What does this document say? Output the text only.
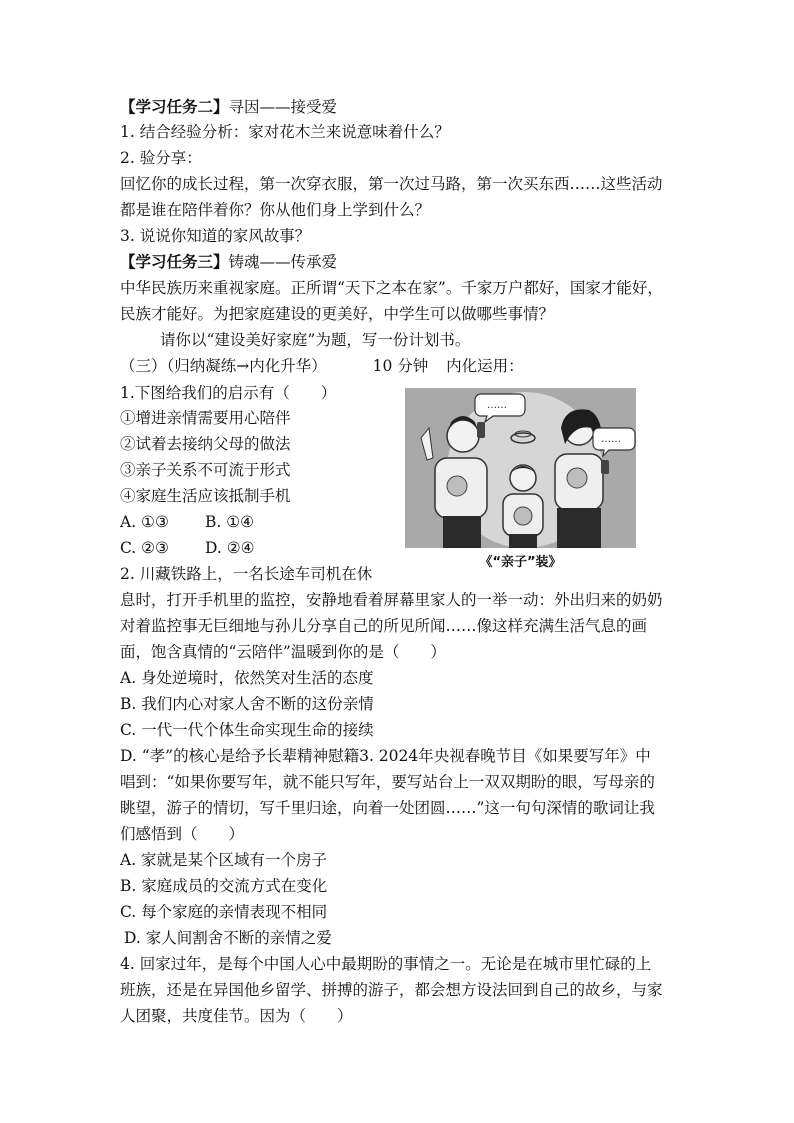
【学习任务二】寻因——接受爱
1. 结合经验分析：家对花木兰来说意味着什么？
2. 验分享：
回忆你的成长过程，第一次穿衣服，第一次过马路，第一次买东西……这些活动
都是谁在陪伴着你？你从他们身上学到什么？
3. 说说你知道的家风故事？
【学习任务三】铸魂——传承爱
中华民族历来重视家庭。正所谓“天下之本在家”。千家万户都好，国家才能好，
民族才能好。为把家庭建设的更美好，中学生可以做哪些事情？
请你以“建设美好家庭”为题，写一份计划书。
（三）（归纳凝练→内化升华）	10 分钟 内化运用：
1.下图给我们的启示有（　　）
①增进亲情需要用心陪伴
②试着去接纳父母的做法
③亲子关系不可流于形式
④家庭生活应该抵制手机
A. ①③ B. ①④
C. ②③ D. ②④
……
……
《“亲子”装》
2. 川藏铁路上，一名长途车司机在休
息时，打开手机里的监控，安静地看着屏幕里家人的一举一动：外出归来的奶奶
对着监控事无巨细地与孙儿分享自己的所见所闻……像这样充满生活气息的画
面，饱含真情的“云陪伴”温暖到你的是（　　）
A. 身处逆境时，依然笑对生活的态度
B. 我们内心对家人舍不断的这份亲情
C. 一代一代个体生命实现生命的接续
D. “孝”的核心是给予长辈精神慰籍3. 2024年央视春晚节目《如果要写年》中
唱到：“如果你要写年，就不能只写年，要写站台上一双双期盼的眼，写母亲的
眺望，游子的情切，写千里归途，向着一处团圆……”这一句句深情的歌词让我
们感悟到（　　）
A. 家就是某个区域有一个房子
B. 家庭成员的交流方式在变化
C. 每个家庭的亲情表现不相同
D. 家人间割舍不断的亲情之爱
4. 回家过年，是每个中国人心中最期盼的事情之一。无论是在城市里忙碌的上
班族，还是在异国他乡留学、拼搏的游子，都会想方设法回到自己的故乡，与家
人团聚，共度佳节。因为（　　）
